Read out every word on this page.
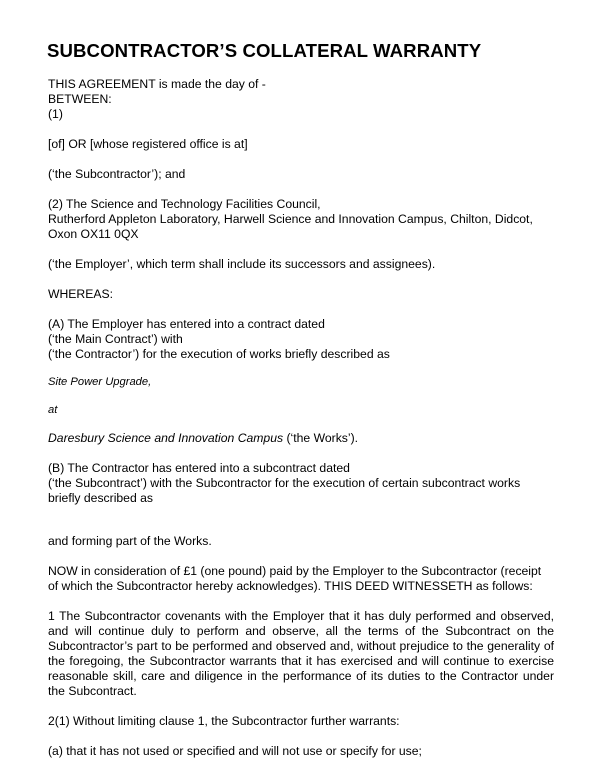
SUBCONTRACTOR’S COLLATERAL WARRANTY

THIS AGREEMENT is made the day of -
BETWEEN:
(1)

[of] OR [whose registered office is at]

(‘the Subcontractor’); and

(2) The Science and Technology Facilities Council,
Rutherford Appleton Laboratory, Harwell Science and Innovation Campus, Chilton, Didcot,
Oxon OX11 0QX

(‘the Employer’, which term shall include its successors and assignees).

WHEREAS:

(A) The Employer has entered into a contract dated
(‘the Main Contract’) with
(‘the Contractor’) for the execution of works briefly described as

Site Power Upgrade,

at

Daresbury Science and Innovation Campus (‘the Works’).

(B) The Contractor has entered into a subcontract dated
(‘the Subcontract’) with the Subcontractor for the execution of certain subcontract works
briefly described as

and forming part of the Works.

NOW in consideration of £1 (one pound) paid by the Employer to the Subcontractor (receipt of which the Subcontractor hereby acknowledges). THIS DEED WITNESSETH as follows:

1 The Subcontractor covenants with the Employer that it has duly performed and observed, and will continue duly to perform and observe, all the terms of the Subcontract on the Subcontractor’s part to be performed and observed and, without prejudice to the generality of the foregoing, the Subcontractor warrants that it has exercised and will continue to exercise reasonable skill, care and diligence in the performance of its duties to the Contractor under the Subcontract.

2(1) Without limiting clause 1, the Subcontractor further warrants:

(a) that it has not used or specified and will not use or specify for use;
